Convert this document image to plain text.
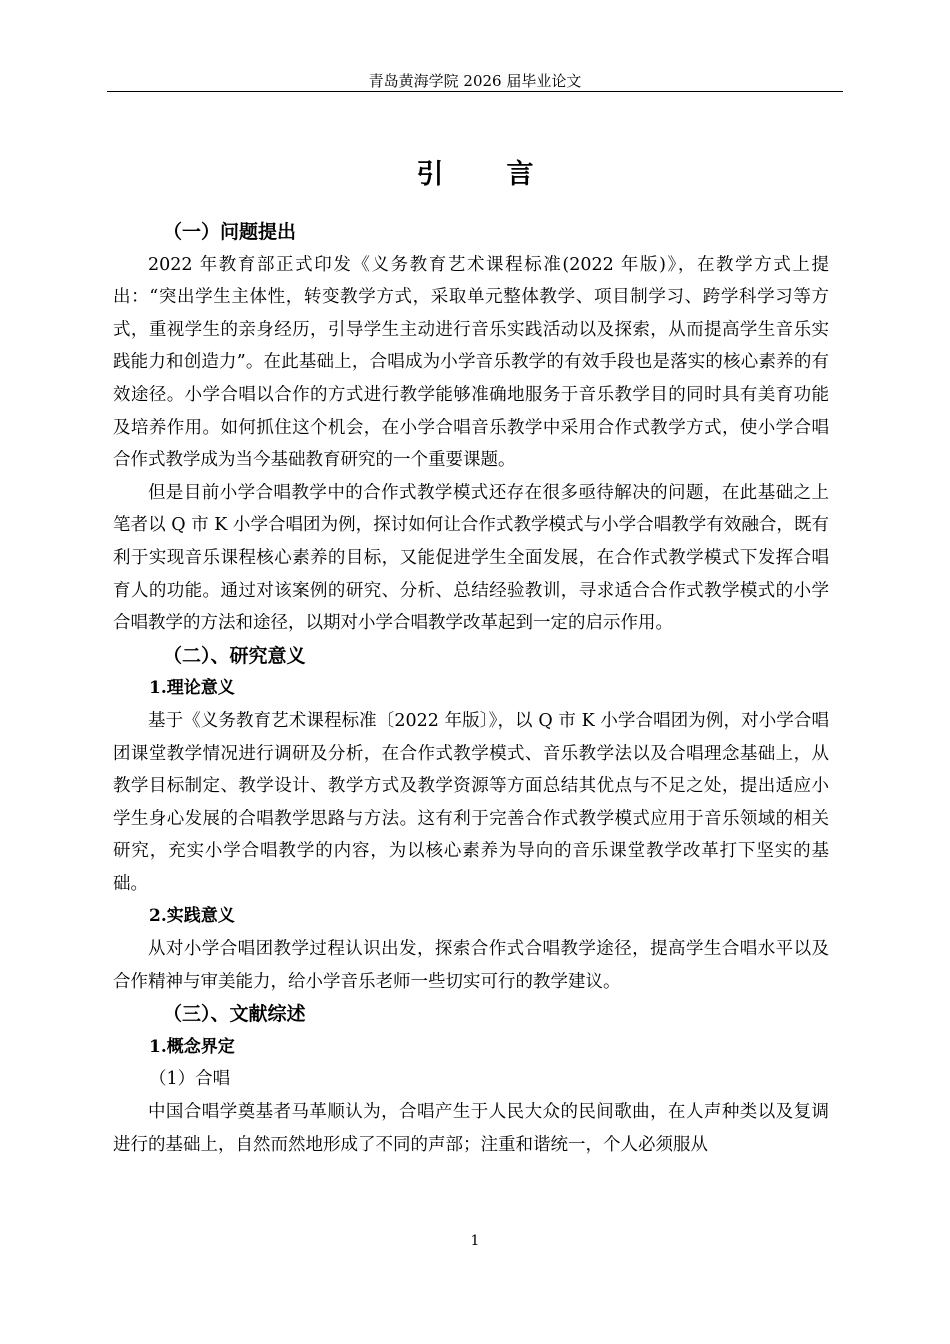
青岛黄海学院 2026 届毕业论文
引　言
（一）问题提出

2022 年教育部正式印发《义务教育艺术课程标准(2022 年版)》，在教学方式上提出：“突出学生主体性，转变教学方式，采取单元整体教学、项目制学习、跨学科学习等方式，重视学生的亲身经历，引导学生主动进行音乐实践活动以及探索，从而提高学生音乐实践能力和创造力”。在此基础上，合唱成为小学音乐教学的有效手段也是落实的核心素养的有效途径。小学合唱以合作的方式进行教学能够准确地服务于音乐教学目的同时具有美育功能及培养作用。如何抓住这个机会，在小学合唱音乐教学中采用合作式教学方式，使小学合唱合作式教学成为当今基础教育研究的一个重要课题。

但是目前小学合唱教学中的合作式教学模式还存在很多亟待解决的问题，在此基础之上笔者以 Q 市 K 小学合唱团为例，探讨如何让合作式教学模式与小学合唱教学有效融合，既有利于实现音乐课程核心素养的目标，又能促进学生全面发展，在合作式教学模式下发挥合唱育人的功能。通过对该案例的研究、分析、总结经验教训，寻求适合合作式教学模式的小学合唱教学的方法和途径，以期对小学合唱教学改革起到一定的启示作用。

（二）、研究意义
1.理论意义

基于《义务教育艺术课程标准〔2022 年版〕》，以 Q 市 K 小学合唱团为例，对小学合唱团课堂教学情况进行调研及分析，在合作式教学模式、音乐教学法以及合唱理念基础上，从教学目标制定、教学设计、教学方式及教学资源等方面总结其优点与不足之处，提出适应小学生身心发展的合唱教学思路与方法。这有利于完善合作式教学模式应用于音乐领域的相关研究，充实小学合唱教学的内容，为以核心素养为导向的音乐课堂教学改革打下坚实的基础。

2.实践意义

从对小学合唱团教学过程认识出发，探索合作式合唱教学途径，提高学生合唱水平以及合作精神与审美能力，给小学音乐老师一些切实可行的教学建议。

（三）、文献综述
1.概念界定
（1）合唱

中国合唱学奠基者马革顺认为，合唱产生于人民大众的民间歌曲，在人声种类以及复调进行的基础上，自然而然地形成了不同的声部；注重和谐统一，个人必须服从

1
